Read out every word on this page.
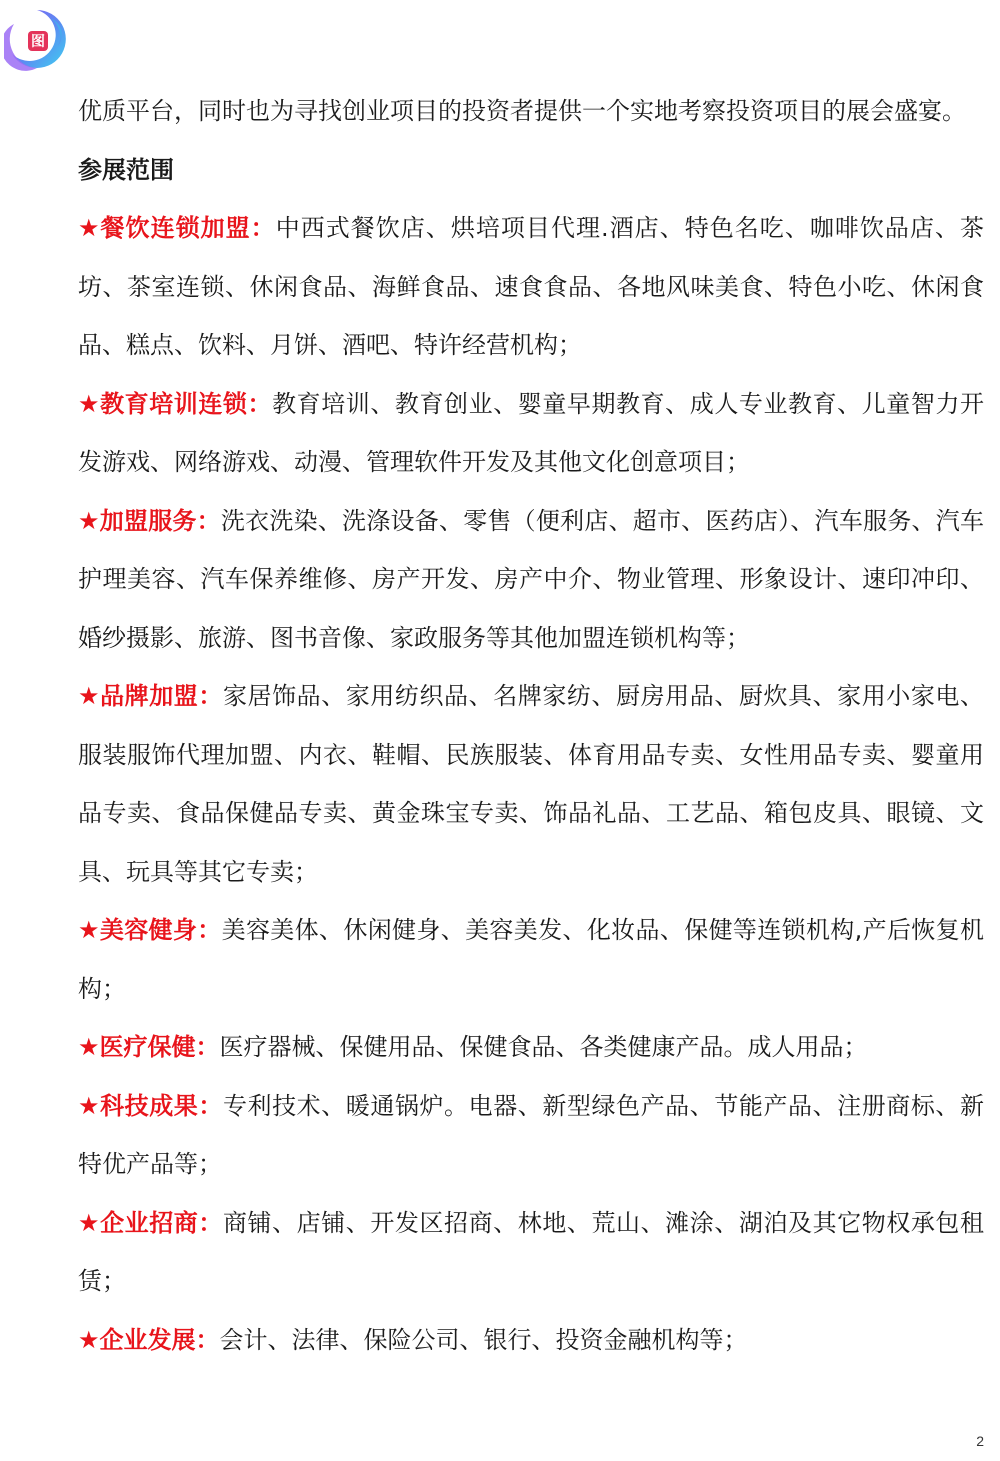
图

优质平台，同时也为寻找创业项目的投资者提供一个实地考察投资项目的展会盛宴。

参展范围

★餐饮连锁加盟：中西式餐饮店、烘培项目代理.酒店、特色名吃、咖啡饮品店、茶坊、茶室连锁、休闲食品、海鲜食品、速食食品、各地风味美食、特色小吃、休闲食品、糕点、饮料、月饼、酒吧、特许经营机构；

★教育培训连锁：教育培训、教育创业、婴童早期教育、成人专业教育、儿童智力开发游戏、网络游戏、动漫、管理软件开发及其他文化创意项目；

★加盟服务：洗衣洗染、洗涤设备、零售（便利店、超市、医药店）、汽车服务、汽车护理美容、汽车保养维修、房产开发、房产中介、物业管理、形象设计、速印冲印、婚纱摄影、旅游、图书音像、家政服务等其他加盟连锁机构等；

★品牌加盟：家居饰品、家用纺织品、名牌家纺、厨房用品、厨炊具、家用小家电、服装服饰代理加盟、内衣、鞋帽、民族服装、体育用品专卖、女性用品专卖、婴童用品专卖、食品保健品专卖、黄金珠宝专卖、饰品礼品、工艺品、箱包皮具、眼镜、文具、玩具等其它专卖；

★美容健身：美容美体、休闲健身、美容美发、化妆品、保健等连锁机构,产后恢复机构；

★医疗保健：医疗器械、保健用品、保健食品、各类健康产品。成人用品；

★科技成果：专利技术、暖通锅炉。电器、新型绿色产品、节能产品、注册商标、新特优产品等；

★企业招商：商铺、店铺、开发区招商、林地、荒山、滩涂、湖泊及其它物权承包租赁；

★企业发展：会计、法律、保险公司、银行、投资金融机构等；

2
